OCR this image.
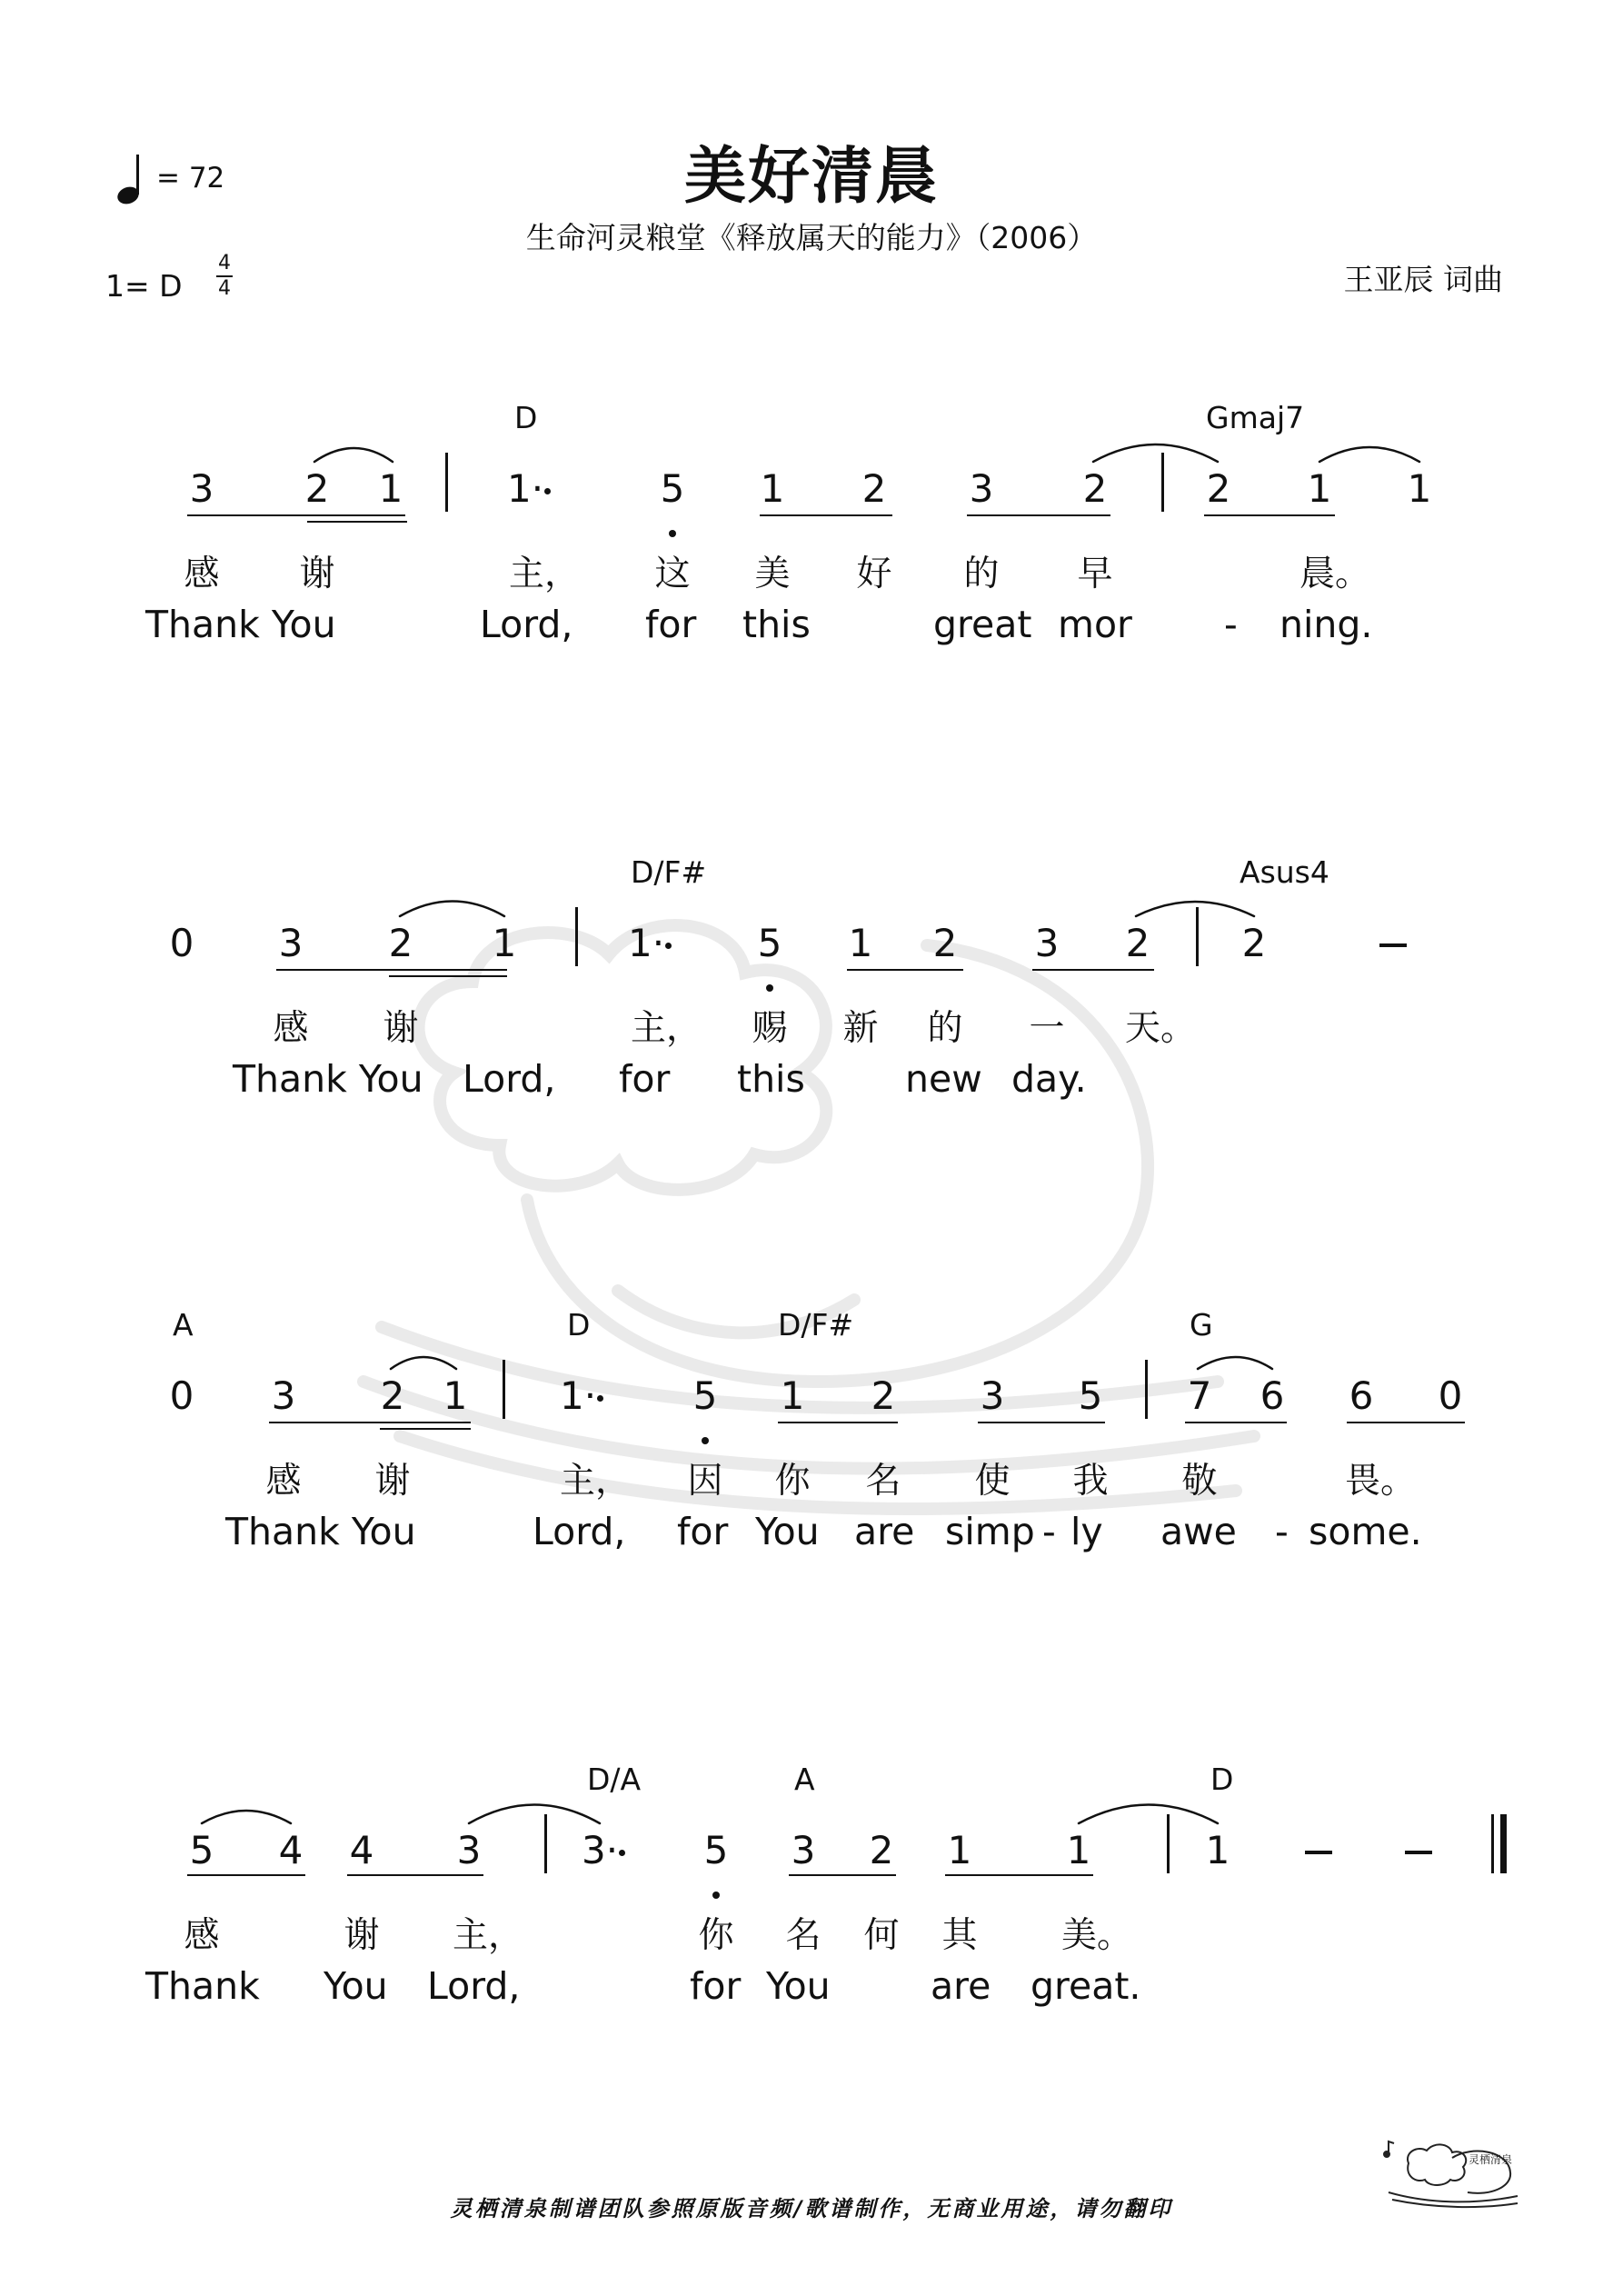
美好清晨
生命河灵粮堂《释放属天的能力》（2006）
王亚辰 词曲
= 72
1= D
4
4
D	Gmaj7
3 2 1	1·	5 1 2 3 2	2 1 1
感 谢	主， 这 美 好 的 早	晨。
Thank You	Lord, for this	great mor - ning.
D/F#	Asus4
0 3 2 1	1· 5 1 2 3 2 2
感 谢	主， 赐 新 的 一 天。
Thank You Lord, for this	new day.
A	D	D/F#	G
0 3 2 1 1·	5 1 2 3 5 7 6 6 0
感 谢	主， 因 你 名 使 我 敬	畏。
Thank You	Lord, for You are simp - ly awe - some.
D/A	A	D
5 4 4 3	3· 5 3 2 1 1	1
感	谢 主，	你 名 何 其 美。
Thank You Lord,	for You	are great.
灵栖清泉制谱团队参照原版音频/歌谱制作，无商业用途，请勿翻印
灵栖清泉
